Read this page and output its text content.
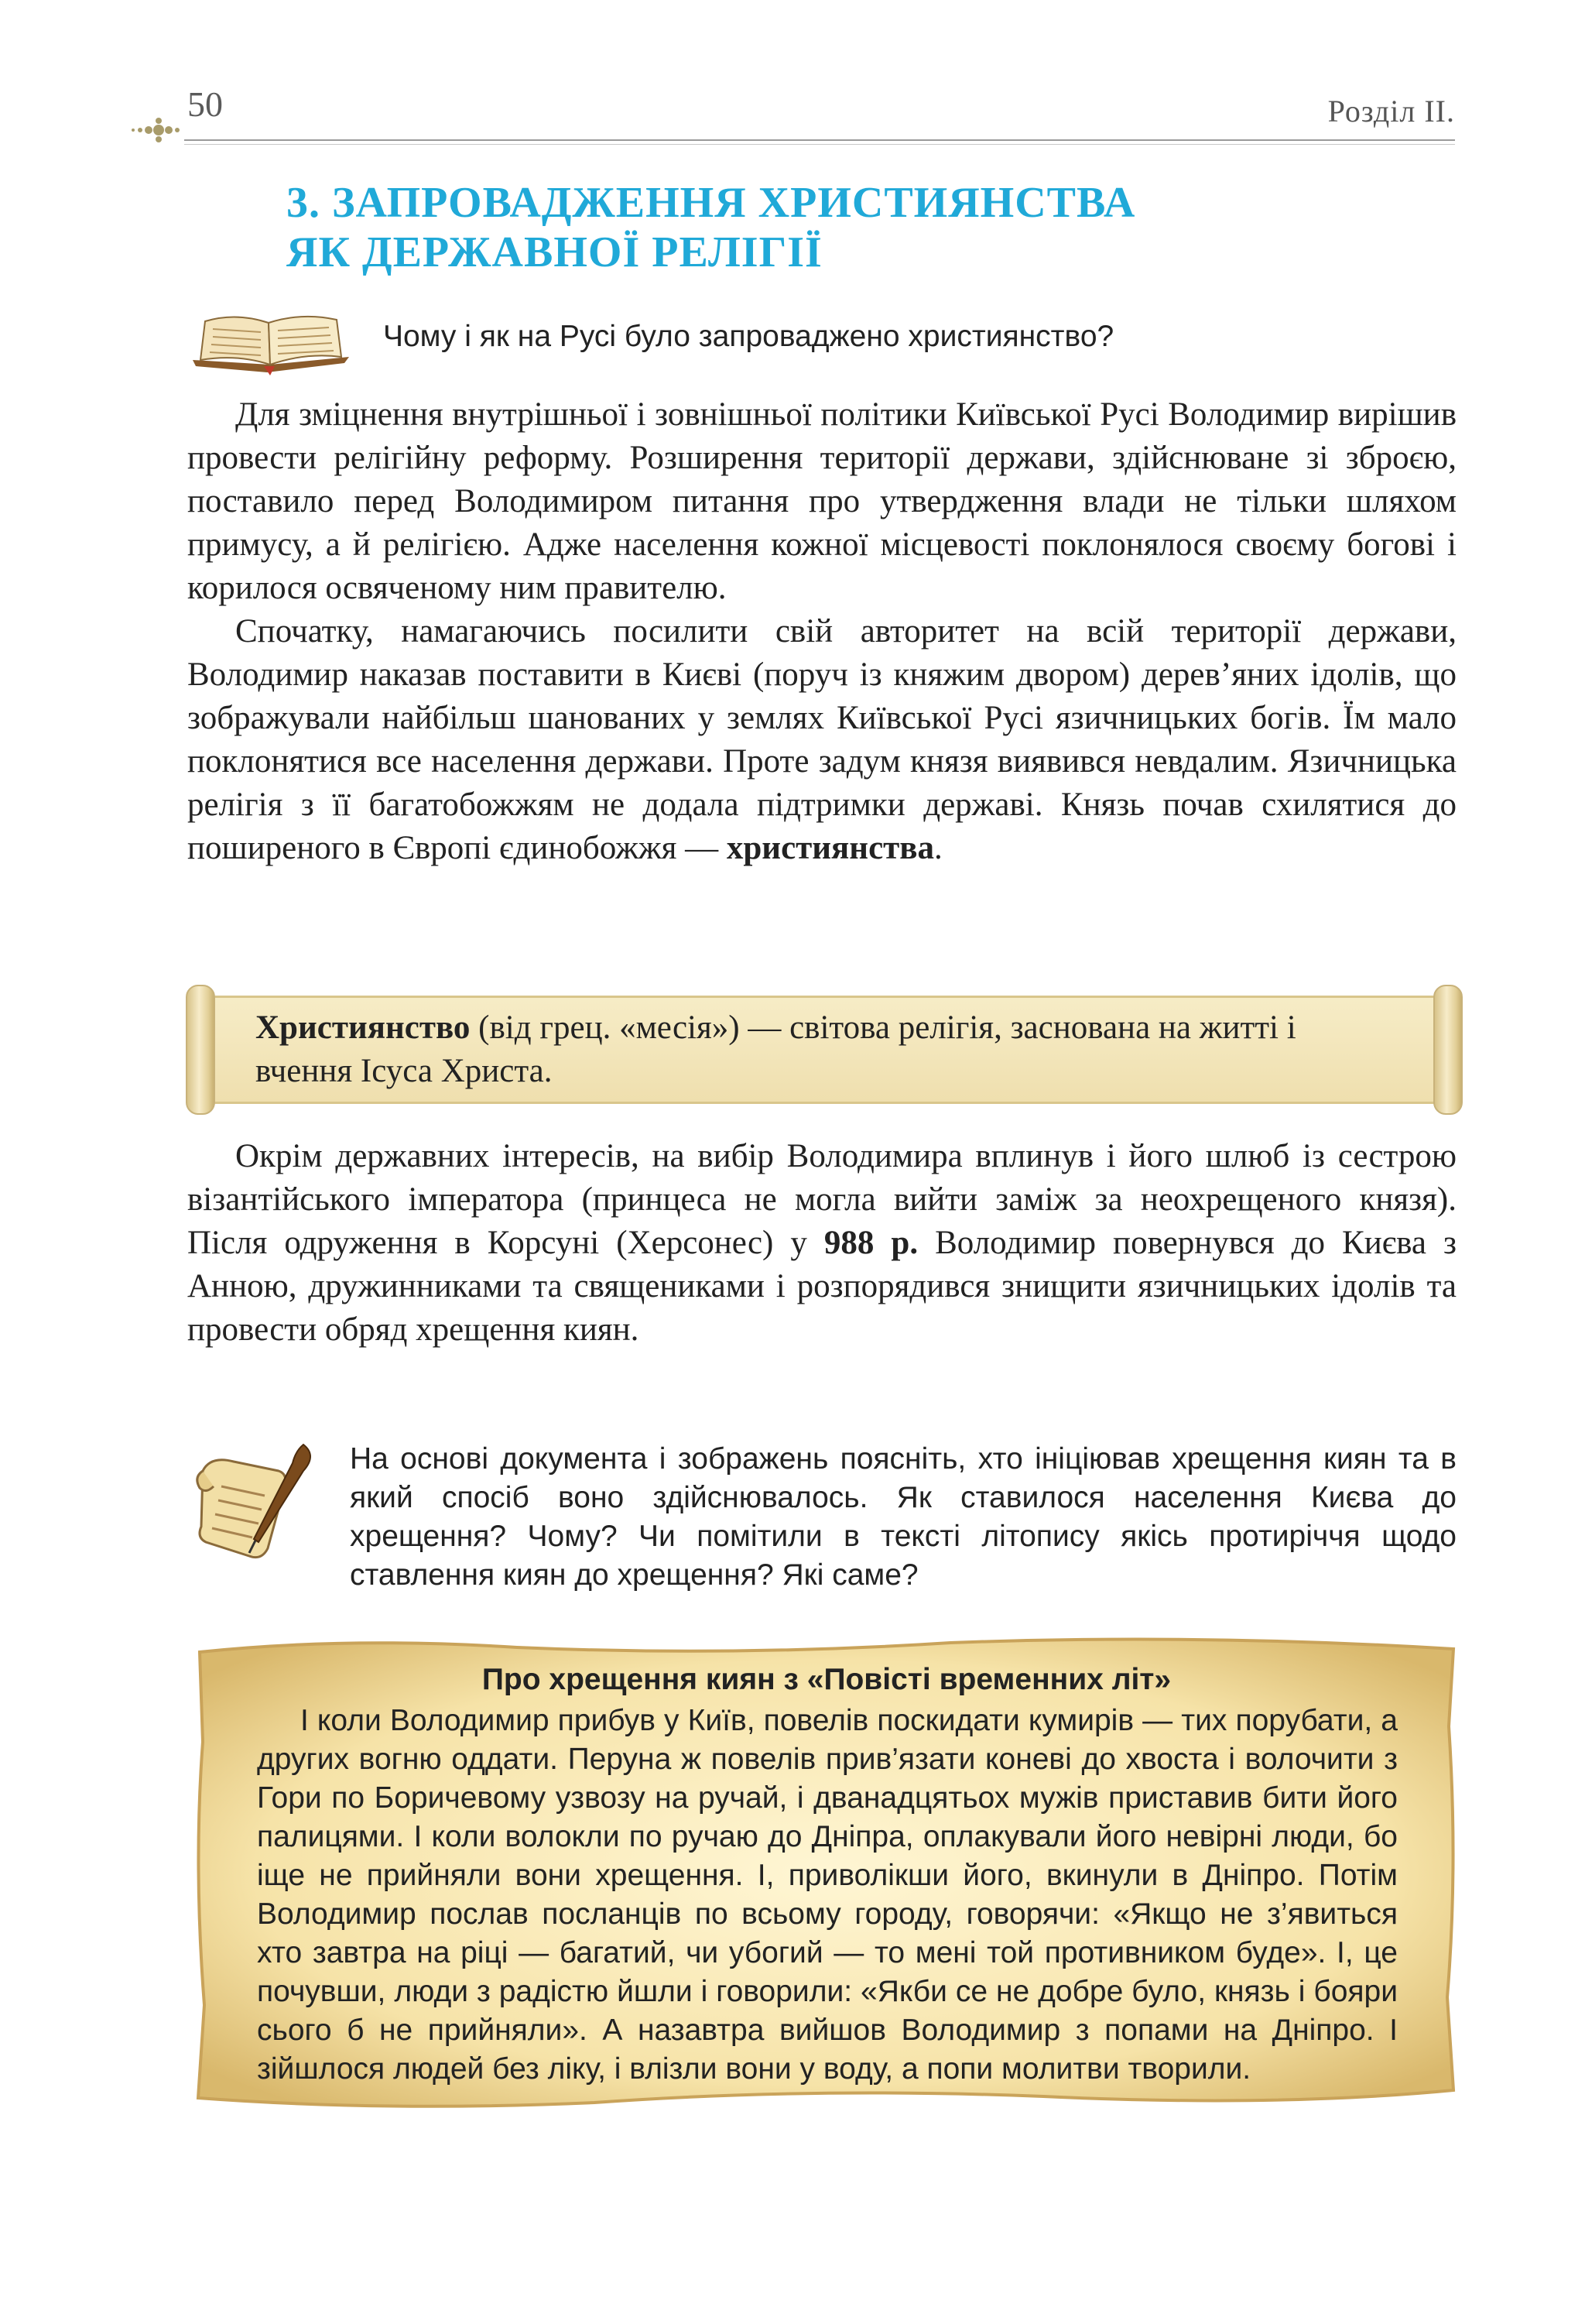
50	Розділ ІІ.
3. ЗАПРОВАДЖЕННЯ ХРИСТИЯНСТВА
ЯК ДЕРЖАВНОЇ РЕЛІГІЇ
Чому і як на Русі було запроваджено християнство?

Для зміцнення внутрішньої і зовнішньої політики Київської Русі Володимир вирішив провести релігійну реформу. Розширення території держави, здійснюване зі зброєю, поставило перед Володимиром питання про утвердження влади не тільки шляхом примусу, а й релігією. Адже населення кожної місцевості поклонялося своєму богові і корилося освяченому ним правителю.

Спочатку, намагаючись посилити свій авторитет на всій території держави, Володимир наказав поставити в Києві (поруч із княжим двором) дерев’яних ідолів, що зображували найбільш шанованих у землях Київської Русі язичницьких богів. Їм мало поклонятися все населення держави. Проте задум князя виявився невдалим. Язичницька релігія з її багатобожжям не додала підтримки державі. Князь почав схилятися до поширеного в Європі єдинобожжя — християнства.

Християнство (від грец. «месія») — світова релігія, заснована на житті і вчення Ісуса Христа.

Окрім державних інтересів, на вибір Володимира вплинув і його шлюб із сестрою візантійського імператора (принцеса не могла вийти заміж за неохрещеного князя). Після одруження в Корсуні (Херсонес) у 988 р. Володимир повернувся до Києва з Анною, дружинниками та священиками і розпорядився знищити язичницьких ідолів та провести обряд хрещення киян.

На основі документа і зображень поясніть, хто ініціював хрещення киян та в який спосіб воно здійснювалось. Як ставилося населення Києва до хрещення? Чому? Чи помітили в тексті літопису якісь протиріччя щодо ставлення киян до хрещення? Які саме?

Про хрещення киян з «Повісті временних літ»

І коли Володимир прибув у Київ, повелів поскидати кумирів — тих порубати, а других вогню оддати. Перуна ж повелів прив’язати коневі до хвоста і волочити з Гори по Боричевому узвозу на ручай, і дванадцятьох мужів приставив бити його палицями. І коли волокли по ручаю до Дніпра, оплакували його невірні люди, бо іще не прийняли вони хрещення. І, приволікши його, вкинули в Дніпро. Потім Володимир послав посланців по всьому городу, говорячи: «Якщо не з’явиться хто завтра на ріці — багатий, чи убогий — то мені той противником буде». І, це почувши, люди з радістю йшли і говорили: «Якби се не добре було, князь і бояри сього б не прийняли». А назавтра вийшов Володимир з попами на Дніпро. І зійшлося людей без ліку, і влізли вони у воду, а попи молитви творили.
